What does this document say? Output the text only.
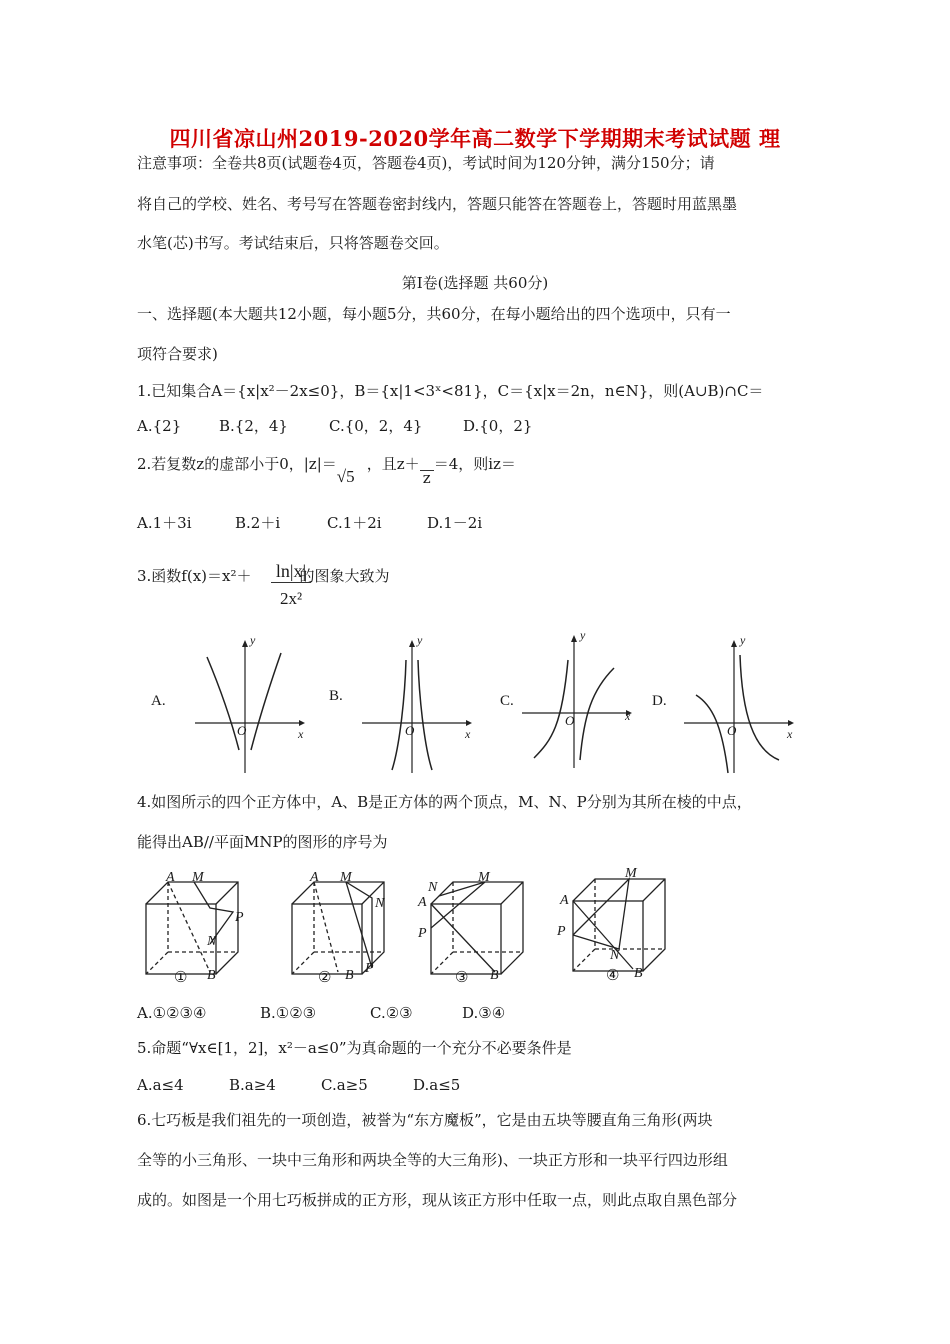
四川省凉山州2019-2020学年高二数学下学期期末考试试题 理
注意事项：全卷共8页(试题卷4页，答题卷4页)，考试时间为120分钟，满分150分；请
将自己的学校、姓名、考号写在答题卷密封线内，答题只能答在答题卷上，答题时用蓝黑墨
水笔(芯)书写。考试结束后，只将答题卷交回。
第Ⅰ卷(选择题 共60分)
一、选择题(本大题共12小题，每小题5分，共60分，在每小题给出的四个选项中，只有一
项符合要求)
1.已知集合A＝{x|x²－2x≤0}，B＝{x|1<3ˣ<81}，C＝{x|x＝2n，n∈N}，则(A∪B)∩C＝
A.{2}	B.{2，4}	C.{0，2，4}	D.{0，2}
2.若复数z的虚部小于0，|z|＝√5，且z＋z＝4，则iz＝
A.1＋3i	B.2＋i	C.1＋2i	D.1－2i
3.函数f(x)＝x²＋	的图象大致为
ln|x|
2x²
A.	B.	C.	D.
O	x
y
O	x
y
O	x
y
O	x
y
4.如图所示的四个正方体中，A、B是正方体的两个顶点，M、N、P分别为其所在棱的中点，
能得出AB//平面MNP的图形的序号为
A M
P
N
B
①
A M
N
P
B
②
N
M
A
P
B
③
A
M
P
N
B
④
A.①②③④	B.①②③	C.②③	D.③④
5.命题“∀x∈[1，2]，x²－a≤0”为真命题的一个充分不必要条件是
A.a≤4	B.a≥4	C.a≥5	D.a≤5
6.七巧板是我们祖先的一项创造，被誉为“东方魔板”，它是由五块等腰直角三角形(两块
全等的小三角形、一块中三角形和两块全等的大三角形)、一块正方形和一块平行四边形组
成的。如图是一个用七巧板拼成的正方形，现从该正方形中任取一点，则此点取自黑色部分
